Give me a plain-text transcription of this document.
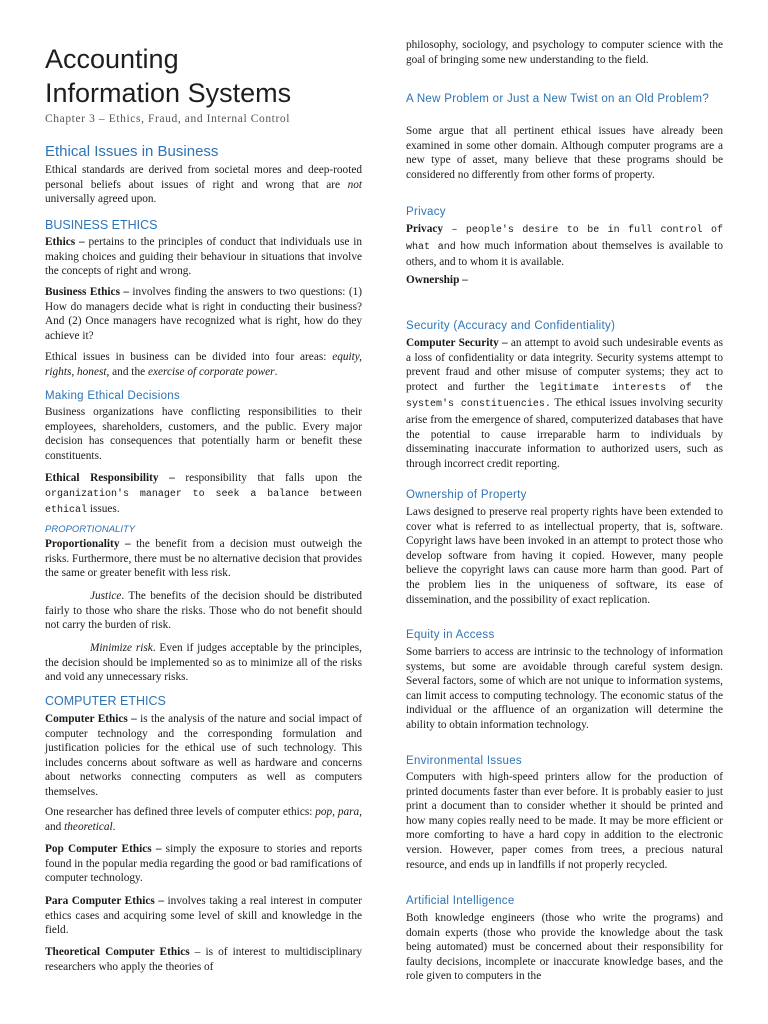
Accounting
Information Systems
Chapter 3 – Ethics, Fraud, and Internal Control
Ethical Issues in Business

Ethical standards are derived from societal mores and deep-rooted personal beliefs about issues of right and wrong that are not universally agreed upon.

BUSINESS ETHICS

Ethics – pertains to the principles of conduct that individuals use in making choices and guiding their behaviour in situations that involve the concepts of right and wrong.

Business Ethics – involves finding the answers to two questions: (1) How do managers decide what is right in conducting their business? And (2) Once managers have recognized what is right, how do they achieve it?

Ethical issues in business can be divided into four areas: equity, rights, honest, and the exercise of corporate power.

Making Ethical Decisions

Business organizations have conflicting responsibilities to their employees, shareholders, customers, and the public. Every major decision has consequences that potentially harm or benefit these constituents.

Ethical Responsibility – responsibility that falls upon the organization's manager to seek a balance between ethical issues.

PROPORTIONALITY

Proportionality – the benefit from a decision must outweigh the risks. Furthermore, there must be no alternative decision that provides the same or greater benefit with less risk.

Justice. The benefits of the decision should be distributed fairly to those who share the risks. Those who do not benefit should not carry the burden of risk.

Minimize risk. Even if judges acceptable by the principles, the decision should be implemented so as to minimize all of the risks and void any unnecessary risks.

COMPUTER ETHICS

Computer Ethics – is the analysis of the nature and social impact of computer technology and the corresponding formulation and justification policies for the ethical use of such technology. This includes concerns about software as well as hardware and concerns about networks connecting computers as well as computers themselves.

One researcher has defined three levels of computer ethics: pop, para, and theoretical.

Pop Computer Ethics – simply the exposure to stories and reports found in the popular media regarding the good or bad ramifications of computer technology.

Para Computer Ethics – involves taking a real interest in computer ethics cases and acquiring some level of skill and knowledge in the field.

Theoretical Computer Ethics – is of interest to multidisciplinary researchers who apply the theories of

philosophy, sociology, and psychology to computer science with the goal of bringing some new understanding to the field.

A New Problem or Just a New Twist on an Old Problem?

Some argue that all pertinent ethical issues have already been examined in some other domain. Although computer programs are a new type of asset, many believe that these programs should be considered no differently from other forms of property.

Privacy

Privacy – people's desire to be in full control of what and how much information about themselves is available to others, and to whom it is available.

Ownership –

Security (Accuracy and Confidentiality)

Computer Security – an attempt to avoid such undesirable events as a loss of confidentiality or data integrity. Security systems attempt to prevent fraud and other misuse of computer systems; they act to protect and further the legitimate interests of the system's constituencies. The ethical issues involving security arise from the emergence of shared, computerized databases that have the potential to cause irreparable harm to individuals by disseminating inaccurate information to authorized users, such as through incorrect credit reporting.

Ownership of Property

Laws designed to preserve real property rights have been extended to cover what is referred to as intellectual property, that is, software. Copyright laws have been invoked in an attempt to protect those who develop software from having it copied. However, many people believe the copyright laws can cause more harm than good. Part of the problem lies in the uniqueness of software, its ease of dissemination, and the possibility of exact replication.

Equity in Access

Some barriers to access are intrinsic to the technology of information systems, but some are avoidable through careful system design. Several factors, some of which are not unique to information systems, can limit access to computing technology. The economic status of the individual or the affluence of an organization will determine the ability to obtain information technology.

Environmental Issues

Computers with high-speed printers allow for the production of printed documents faster than ever before. It is probably easier to just print a document than to consider whether it should be printed and how many copies really need to be made. It may be more efficient or more comforting to have a hard copy in addition to the electronic version. However, paper comes from trees, a precious natural resource, and ends up in landfills if not properly recycled.

Artificial Intelligence

Both knowledge engineers (those who write the programs) and domain experts (those who provide the knowledge about the task being automated) must be concerned about their responsibility for faulty decisions, incomplete or inaccurate knowledge bases, and the role given to computers in the
